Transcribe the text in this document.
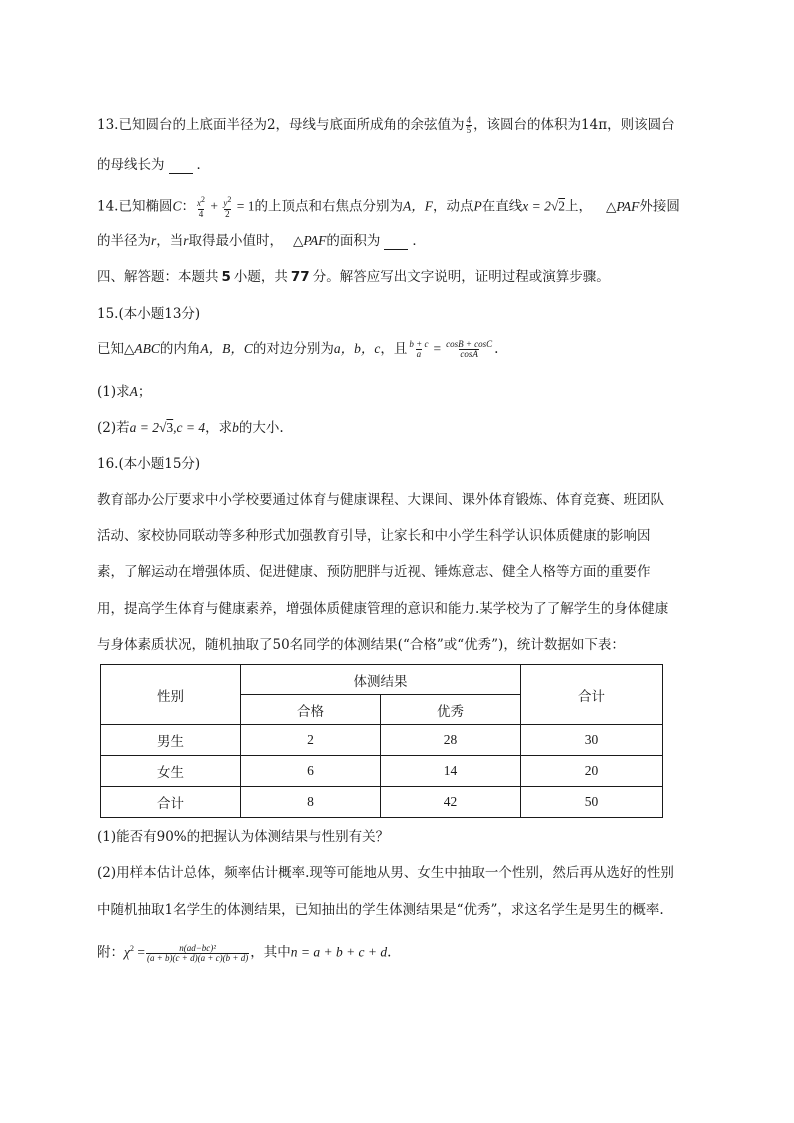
13.已知圆台的上底面半径为2，母线与底面所成角的余弦值为 $\frac{4}{5}$ ，该圆台的体积为14π，则该圆台
的母线长为 ．
14.已知椭圆C： $\frac{x2}{4} + \frac{y2}{2} = 1$的上顶点和右焦点分别为A，F，动点P在直线x = 2√2上， △PAF外接圆
的半径为r，当r取得最小值时， △PAF的面积为 ．
四、解答题：本题共 5 小题，共 77 分。解答应写出文字说明，证明过程或演算步骤。
15.(本小题13分)
已知△ABC的内角A，B，C的对边分别为a，b，c，且 $\frac{b + c}{a} = \frac{\cos B + \cos C}{\cos A}$ .
(1)求A；
(2)若a = 2√3,c = 4，求b的大小.
16.(本小题15分)
教育部办公厅要求中小学校要通过体育与健康课程、大课间、课外体育锻炼、体育竞赛、班团队
活动、家校协同联动等多种形式加强教育引导，让家长和中小学生科学认识体质健康的影响因
素，了解运动在增强体质、促进健康、预防肥胖与近视、锤炼意志、健全人格等方面的重要作
用，提高学生体育与健康素养，增强体质健康管理的意识和能力.某学校为了了解学生的身体健康
与身体素质状况，随机抽取了50名同学的体测结果(“合格”或“优秀”)，统计数据如下表：
性别	体测结果		合计
	合格	优秀	
男生	2	28	30
女生	6	14	20
合计	8	42	50
(1)能否有90%的把握认为体测结果与性别有关？
(2)用样本估计总体，频率估计概率.现等可能地从男、女生中抽取一个性别，然后再从选好的性别
中随机抽取1名学生的体测结果，已知抽出的学生体测结果是“优秀”，求这名学生是男生的概率.
附：$\chi^2 = \frac{\text{n(ad−bc)²}}{(a + b)(c + d)(a + c)(b + d)}$ ，其中n = a + b + c + d.
